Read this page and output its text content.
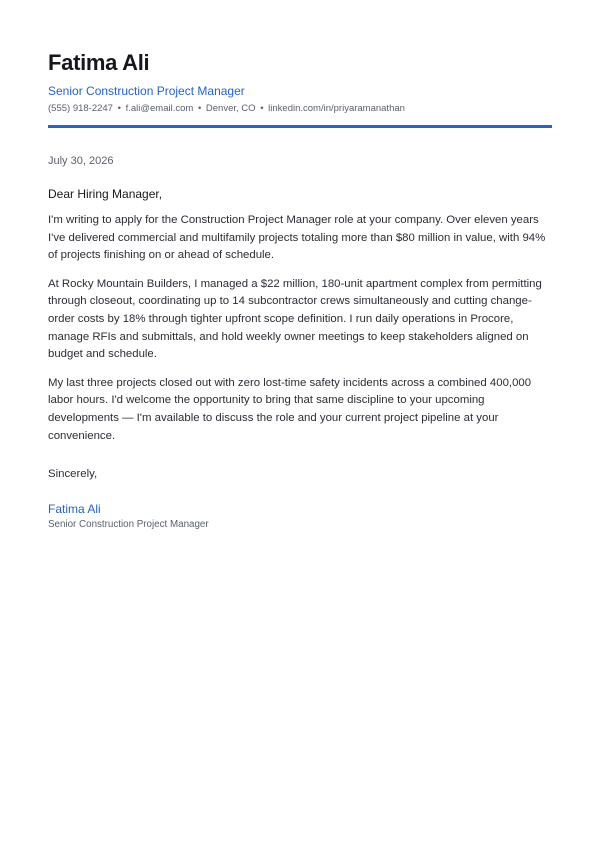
Fatima Ali
Senior Construction Project Manager
(555) 918-2247 • f.ali@email.com • Denver, CO • linkedin.com/in/priyaramanathan
July 30, 2026
Dear Hiring Manager,

I'm writing to apply for the Construction Project Manager role at your company. Over eleven years I've delivered commercial and multifamily projects totaling more than $80 million in value, with 94% of projects finishing on or ahead of schedule.

At Rocky Mountain Builders, I managed a $22 million, 180-unit apartment complex from permitting through closeout, coordinating up to 14 subcontractor crews simultaneously and cutting change-order costs by 18% through tighter upfront scope definition. I run daily operations in Procore, manage RFIs and submittals, and hold weekly owner meetings to keep stakeholders aligned on budget and schedule.

My last three projects closed out with zero lost-time safety incidents across a combined 400,000 labor hours. I'd welcome the opportunity to bring that same discipline to your upcoming developments — I'm available to discuss the role and your current project pipeline at your convenience.

Sincerely,
Fatima Ali
Senior Construction Project Manager
